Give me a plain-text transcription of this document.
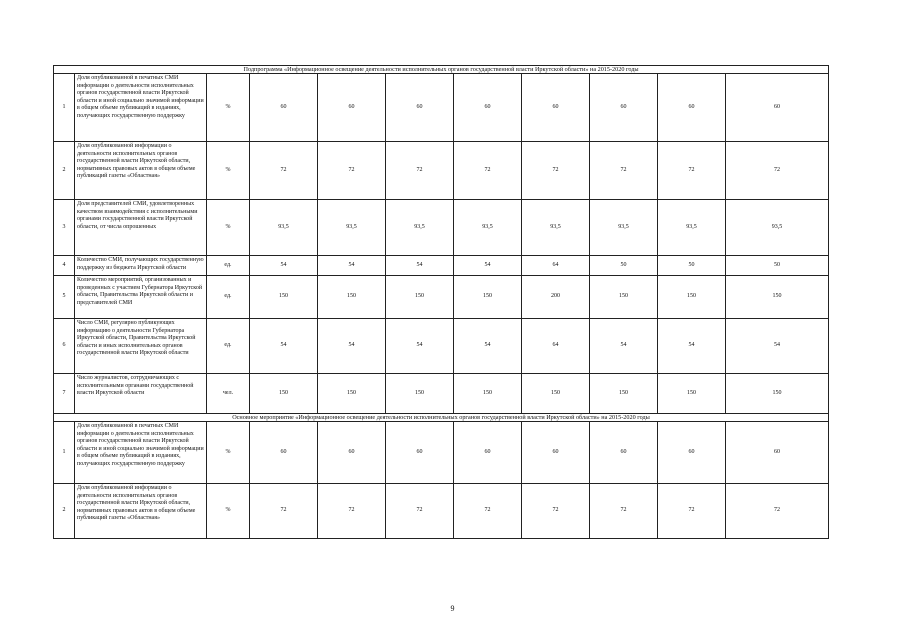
Подпрограмма «Информационное освещение деятельности исполнительных органов государственной власти Иркутской области» на 2015-2020 годы										
1	Доля опубликованной в печатных СМИ информации о деятельности исполнительных органов государственной власти Иркутской области и иной социально значимой информации в общем объеме публикаций в изданиях, получающих государственную поддержку	%	60	60	60	60	60	60	60	60
2	Доля опубликованной информации о деятельности исполнительных органов государственной власти Иркутской области, нормативных правовых актов в общем объеме публикаций газеты «Областная»	%	72	72	72	72	72	72	72	72
3	Доля представителей СМИ, удовлетворенных качеством взаимодействия с исполнительными органами государственной власти Иркутской области, от числа опрошенных	%	93,5	93,5	93,5	93,5	93,5	93,5	93,5	93,5
4	Количество СМИ, получающих государственную поддержку из бюджета Иркутской области	ед.	54	54	54	54	64	50	50	50
5	Количество мероприятий, организованных и проведенных с участием Губернатора Иркутской области, Правительства Иркутской области и представителей СМИ	ед.	150	150	150	150	200	150	150	150
6	Число СМИ, регулярно публикующих информацию о деятельности Губернатора Иркутской области, Правительства Иркутской области и иных исполнительных органов государственной власти Иркутской области	ед.	54	54	54	54	64	54	54	54
7	Число журналистов, сотрудничающих с исполнительными органами государственной власти Иркутской области	чел.	150	150	150	150	150	150	150	150
Основное мероприятие «Информационное освещение деятельности исполнительных органов государственной власти Иркутской области» на 2015-2020 годы										
1	Доля опубликованной в печатных СМИ информации о деятельности исполнительных органов государственной власти Иркутской области и иной социально значимой информации в общем объеме публикаций в изданиях, получающих государственную поддержку	%	60	60	60	60	60	60	60	60
2	Доля опубликованной информации о деятельности исполнительных органов государственной власти Иркутской области, нормативных правовых актов в общем объеме публикаций газеты «Областная»	%	72	72	72	72	72	72	72	72
9
